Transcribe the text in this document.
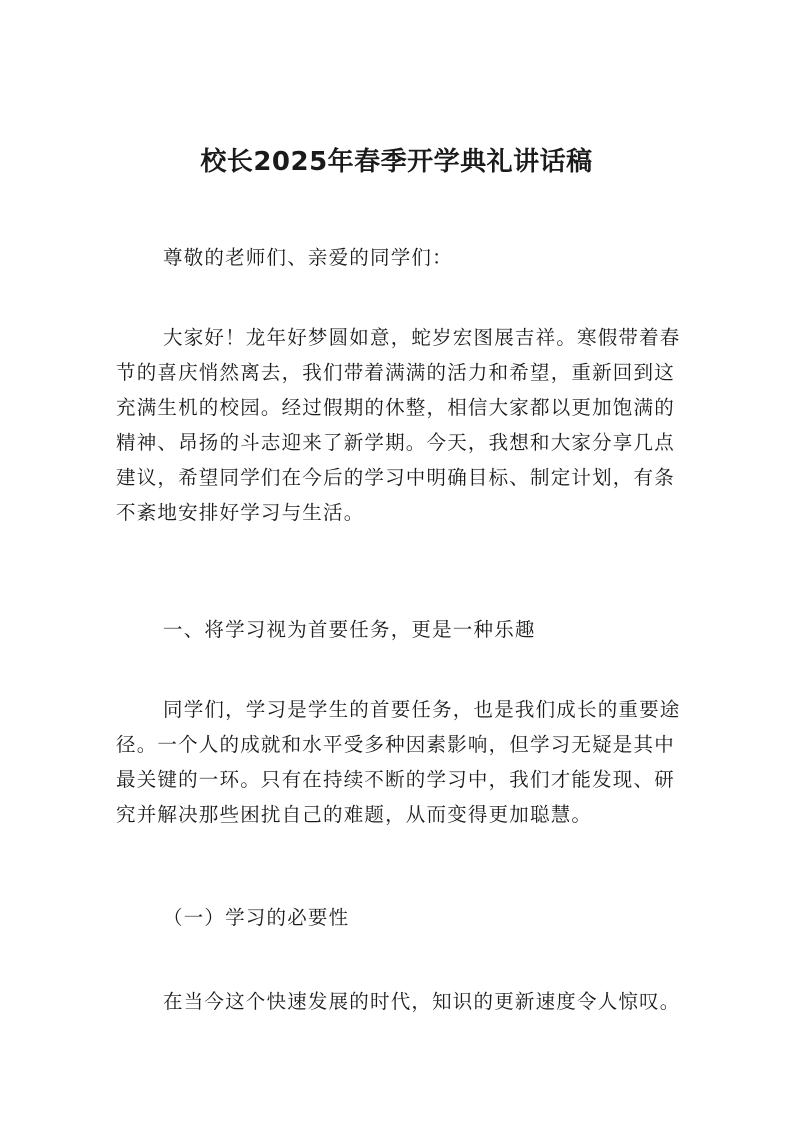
校长2025年春季开学典礼讲话稿

尊敬的老师们、亲爱的同学们：

大家好！龙年好梦圆如意，蛇岁宏图展吉祥。寒假带着春节的喜庆悄然离去，我们带着满满的活力和希望，重新回到这充满生机的校园。经过假期的休整，相信大家都以更加饱满的精神、昂扬的斗志迎来了新学期。今天，我想和大家分享几点建议，希望同学们在今后的学习中明确目标、制定计划，有条不紊地安排好学习与生活。

一、将学习视为首要任务，更是一种乐趣

同学们，学习是学生的首要任务，也是我们成长的重要途径。一个人的成就和水平受多种因素影响，但学习无疑是其中最关键的一环。只有在持续不断的学习中，我们才能发现、研究并解决那些困扰自己的难题，从而变得更加聪慧。

（一）学习的必要性

在当今这个快速发展的时代，知识的更新速度令人惊叹。
